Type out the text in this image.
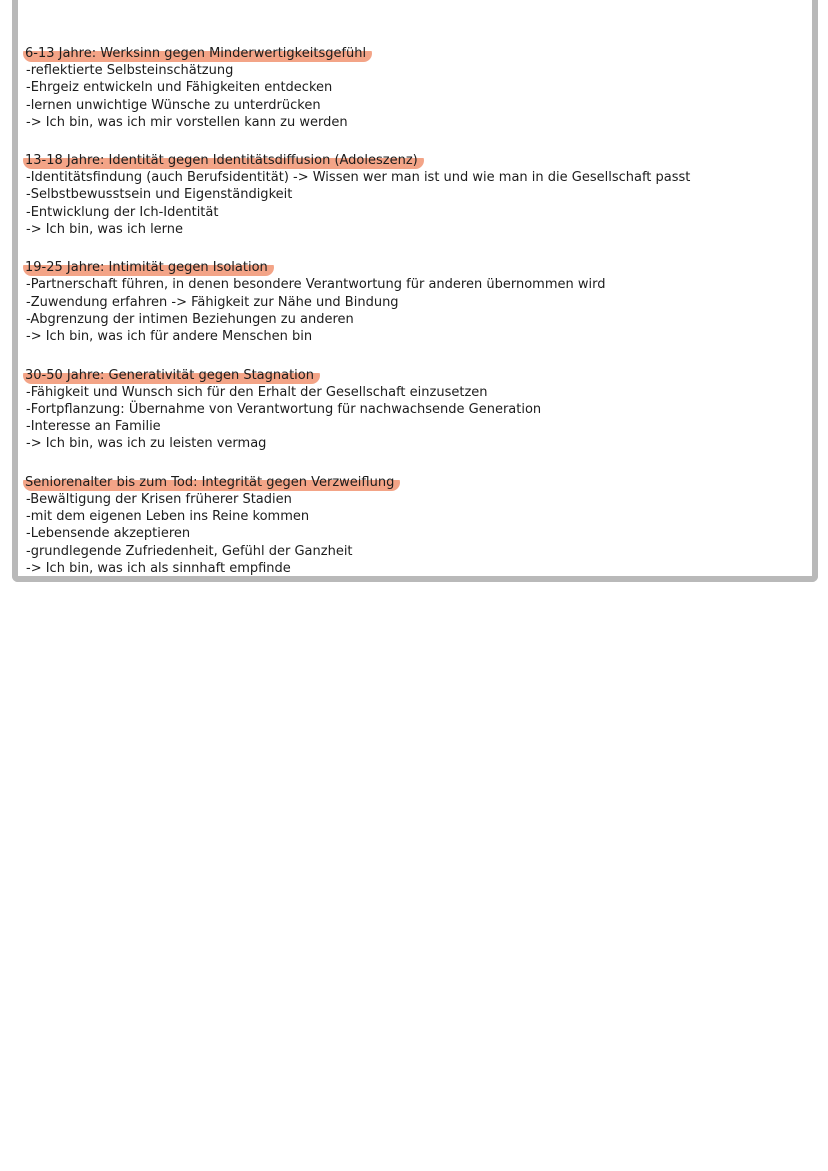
6-13 Jahre: Werksinn gegen Minderwertigkeitsgefühl
-reflektierte Selbsteinschätzung
-Ehrgeiz entwickeln und Fähigkeiten entdecken
-lernen unwichtige Wünsche zu unterdrücken
-> Ich bin, was ich mir vorstellen kann zu werden
13-18 Jahre: Identität gegen Identitätsdiffusion (Adoleszenz)
-Identitätsfindung (auch Berufsidentität) -> Wissen wer man ist und wie man in die Gesellschaft passt
-Selbstbewusstsein und Eigenständigkeit
-Entwicklung der Ich-Identität
-> Ich bin, was ich lerne
19-25 Jahre: Intimität gegen Isolation
-Partnerschaft führen, in denen besondere Verantwortung für anderen übernommen wird
-Zuwendung erfahren -> Fähigkeit zur Nähe und Bindung
-Abgrenzung der intimen Beziehungen zu anderen
-> Ich bin, was ich für andere Menschen bin
30-50 Jahre: Generativität gegen Stagnation
-Fähigkeit und Wunsch sich für den Erhalt der Gesellschaft einzusetzen
-Fortpflanzung: Übernahme von Verantwortung für nachwachsende Generation
-Interesse an Familie
-> Ich bin, was ich zu leisten vermag
Seniorenalter bis zum Tod: Integrität gegen Verzweiflung
-Bewältigung der Krisen früherer Stadien
-mit dem eigenen Leben ins Reine kommen
-Lebensende akzeptieren
-grundlegende Zufriedenheit, Gefühl der Ganzheit
-> Ich bin, was ich als sinnhaft empfinde
